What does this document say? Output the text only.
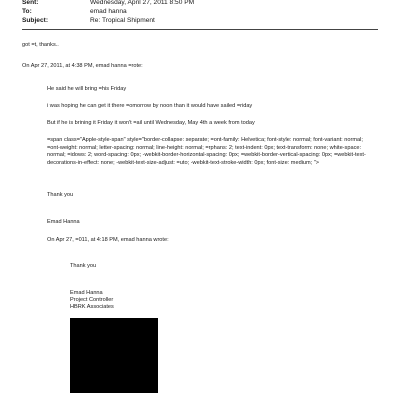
Sent:	Wednesday, April 27, 2011 8:50 PM
To:	emad hanna
Subject:	Re: Tropical Shipment
got =t, thanks..
On Apr 27, 2011, at 4:38 PM, emad hanna =rote:
He said he will bring =his Friday
i was hoping he can get it there =omorrow by noon than it would have sailed =riday
But if he is brining it Friday it won't =ail until Wednesday, May 4th a week from today
=span class="Apple-style-span" style="border-collapse: separate; =ont-family: Helvetica; font-style: normal; font-variant: normal; =ont-weight: normal; letter-spacing: normal; line-height: normal; =rphans: 2; text-indent: 0px; text-transform: none; white-space: normal; =idows: 2; word-spacing: 0px; -webkit-border-horizontal-spacing: 0px; =webkit-border-vertical-spacing: 0px; =webkit-text-decorations-in-effect: none; -webkit-text-size-adjust: =uto; -webkit-text-stroke-width: 0px; font-size: medium; ">
Thank you
Emad Hanna
On Apr 27, =011, at 4:18 PM, emad hanna wrote:
Thank you
Emad Hanna
Project Controller
HBRK Associates
